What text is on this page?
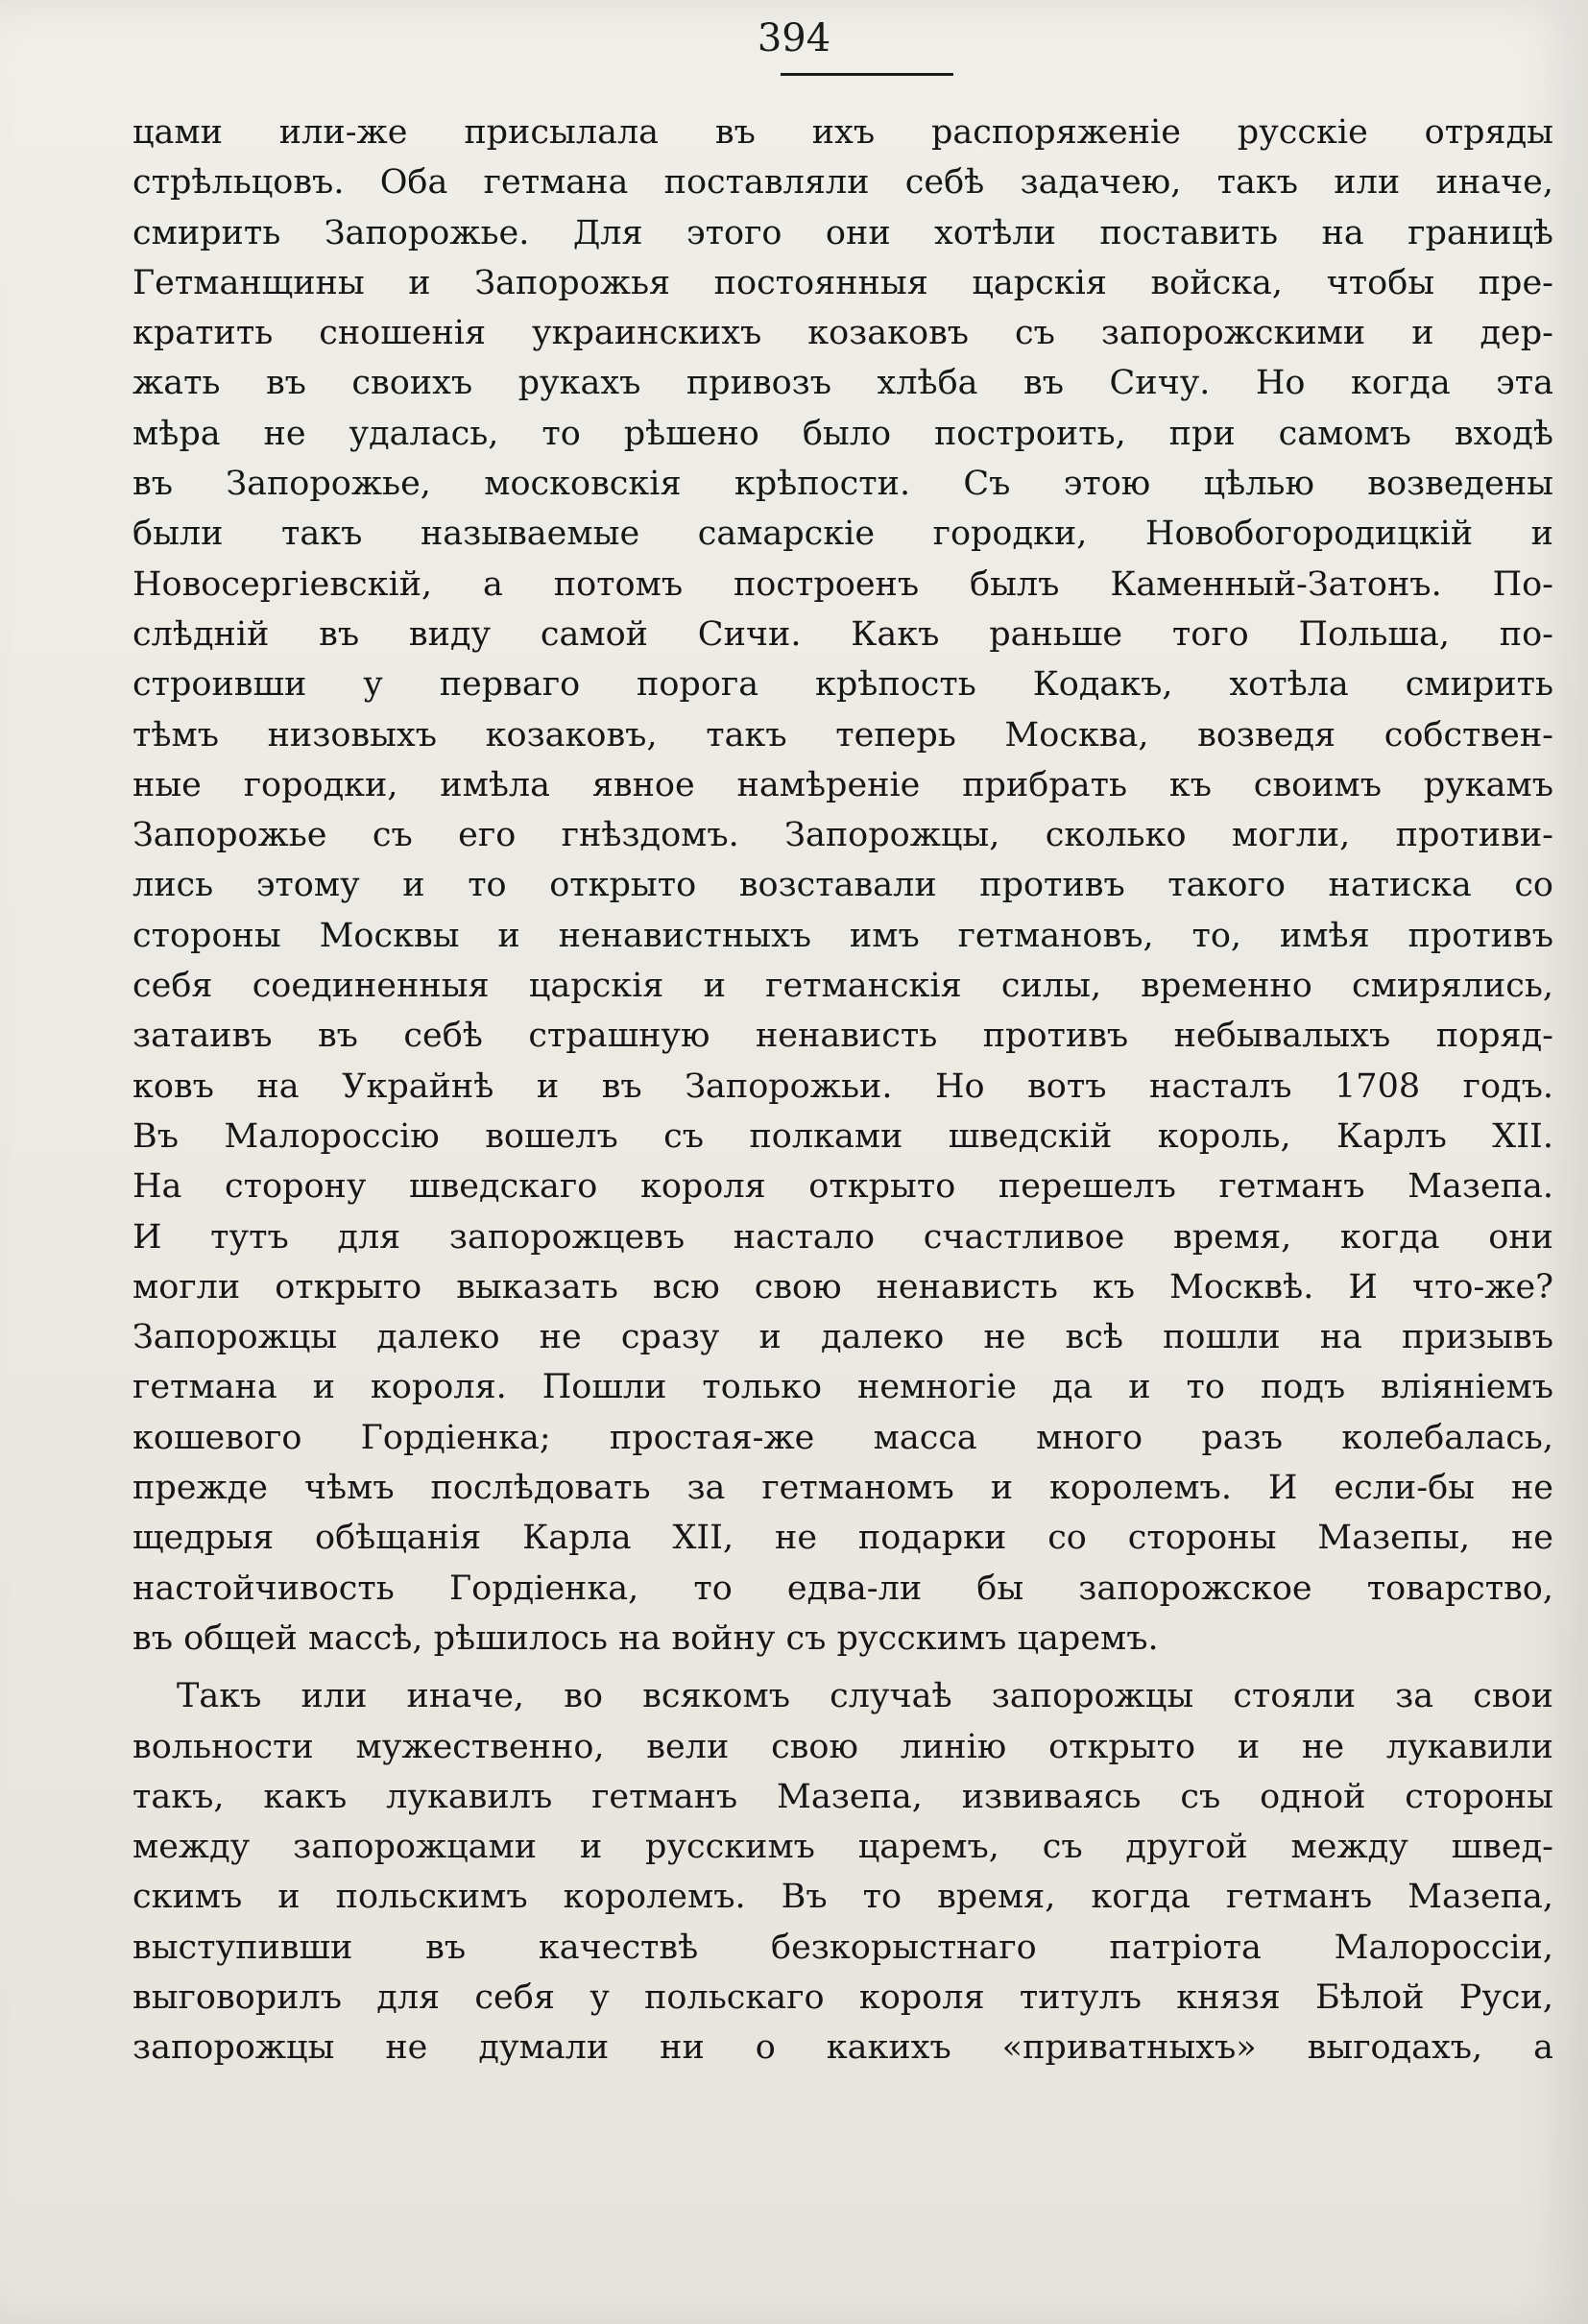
394
цами или-же присылала въ ихъ распоряженіе русскіе отряды
стрѣльцовъ. Оба гетмана поставляли себѣ задачею, такъ или иначе,
смирить Запорожье. Для этого они хотѣли поставить на границѣ
Гетманщины и Запорожья постоянныя царскія войска, чтобы пре-
кратить сношенія украинскихъ козаковъ съ запорожскими и дер-
жать въ своихъ рукахъ привозъ хлѣба въ Сичу. Но когда эта
мѣра не удалась, то рѣшено было построить, при самомъ входѣ
въ Запорожье, московскія крѣпости. Съ этою цѣлью возведены
были такъ называемые самарскіе городки, Новобогородицкій и
Новосергіевскій, а потомъ построенъ былъ Каменный-Затонъ. По-
слѣдній въ виду самой Сичи. Какъ раньше того Польша, по-
строивши у перваго порога крѣпость Кодакъ, хотѣла смирить
тѣмъ низовыхъ козаковъ, такъ теперь Москва, возведя собствен-
ные городки, имѣла явное намѣреніе прибрать къ своимъ рукамъ
Запорожье съ его гнѣздомъ. Запорожцы, сколько могли, противи-
лись этому и то открыто возставали противъ такого натиска со
стороны Москвы и ненавистныхъ имъ гетмановъ, то, имѣя противъ
себя соединенныя царскія и гетманскія силы, временно смирялись,
затаивъ въ себѣ страшную ненависть противъ небывалыхъ поряд-
ковъ на Украйнѣ и въ Запорожьи. Но вотъ насталъ 1708 годъ.
Въ Малороссію вошелъ съ полками шведскій король, Карлъ XII.
На сторону шведскаго короля открыто перешелъ гетманъ Мазепа.
И тутъ для запорожцевъ настало счастливое время, когда они
могли открыто выказать всю свою ненависть къ Москвѣ. И что-же?
Запорожцы далеко не сразу и далеко не всѣ пошли на призывъ
гетмана и короля. Пошли только немногіе да и то подъ вліяніемъ
кошевого Гордіенка; простая-же масса много разъ колебалась,
прежде чѣмъ послѣдовать за гетманомъ и королемъ. И если-бы не
щедрыя обѣщанія Карла XII, не подарки со стороны Мазепы, не
настойчивость Гордіенка, то едва-ли бы запорожское товарство,
въ общей массѣ, рѣшилось на войну съ русскимъ царемъ.
Такъ или иначе, во всякомъ случаѣ запорожцы стояли за свои
вольности мужественно, вели свою линію открыто и не лукавили
такъ, какъ лукавилъ гетманъ Мазепа, извиваясь съ одной стороны
между запорожцами и русскимъ царемъ, съ другой между швед-
скимъ и польскимъ королемъ. Въ то время, когда гетманъ Мазепа,
выступивши въ качествѣ безкорыстнаго патріота Малороссіи,
выговорилъ для себя у польскаго короля титулъ князя Бѣлой Руси,
запорожцы не думали ни о какихъ «приватныхъ» выгодахъ, а
